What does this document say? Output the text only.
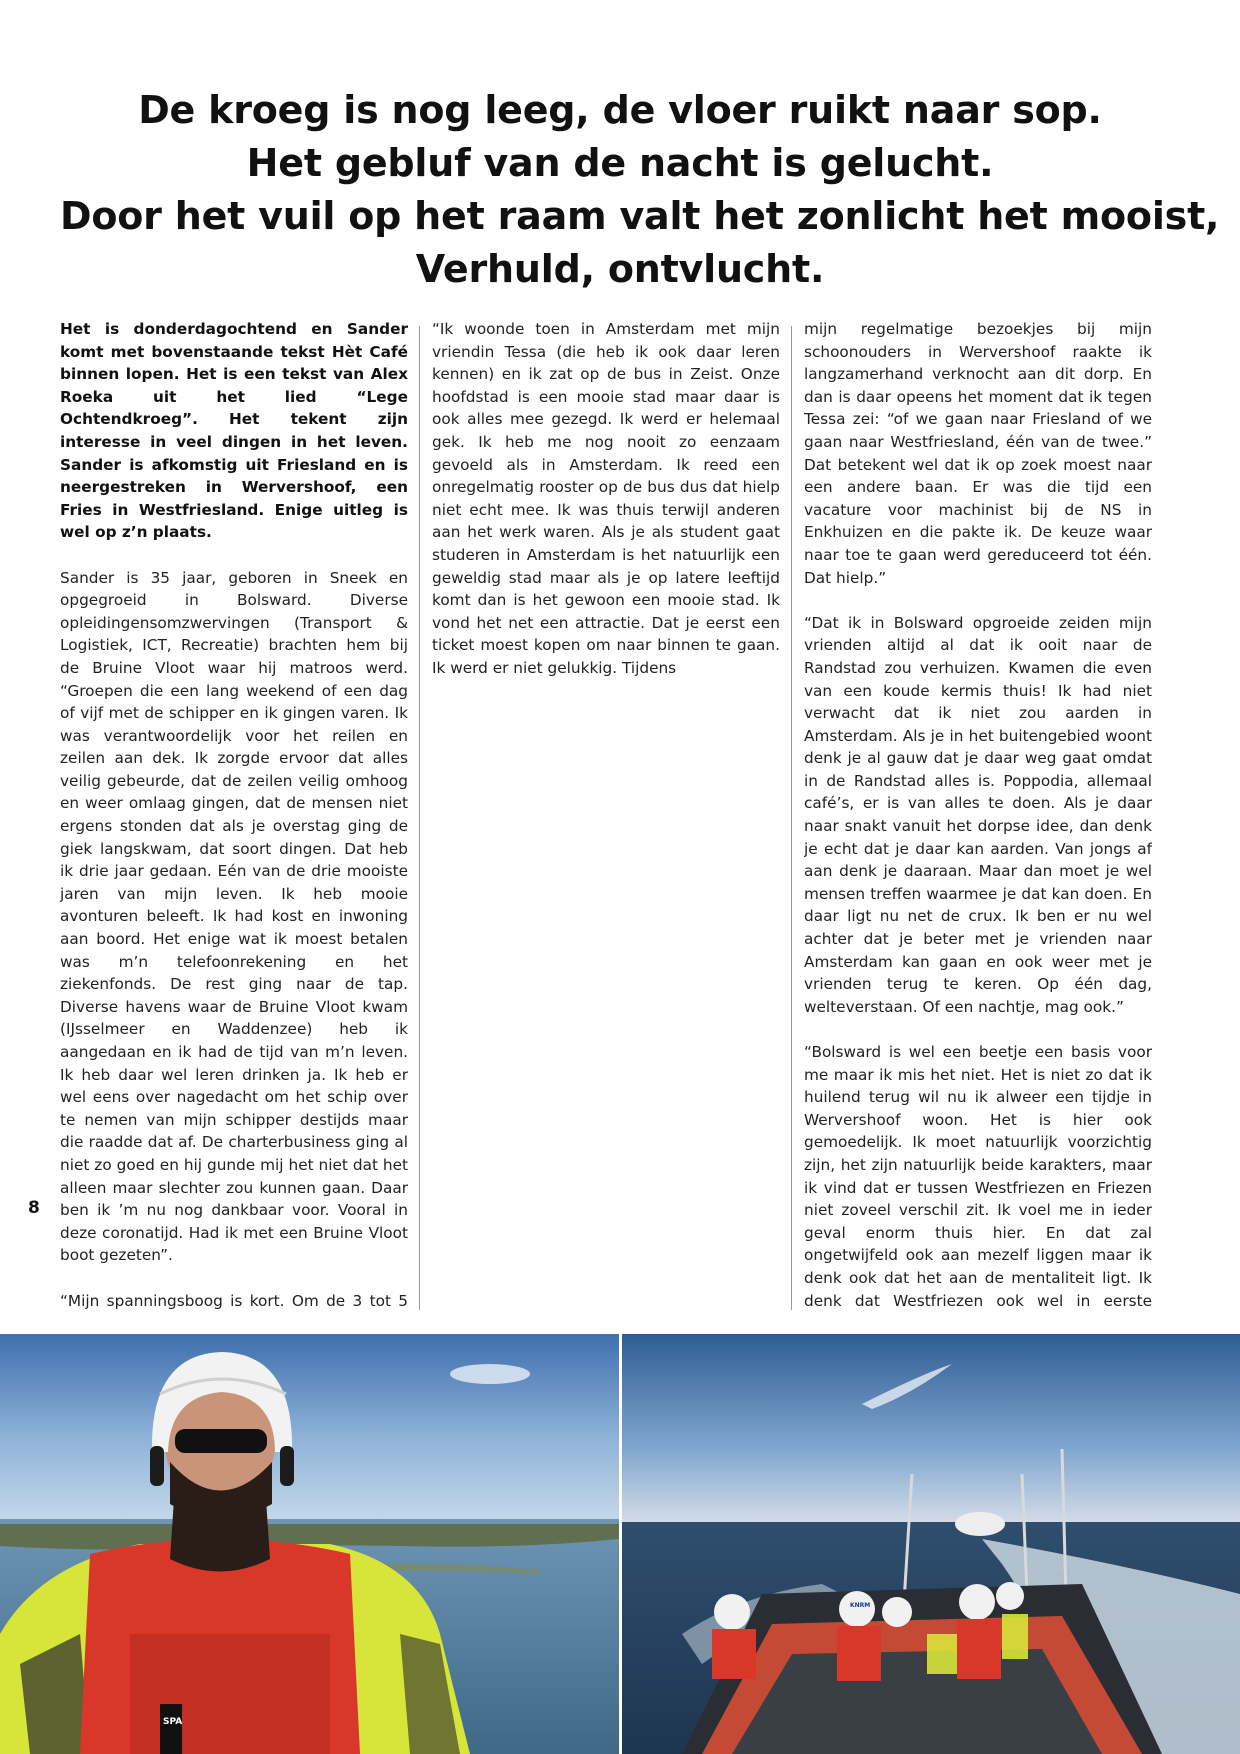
De kroeg is nog leeg, de vloer ruikt naar sop.
Het gebluf van de nacht is gelucht.
Door het vuil op het raam valt het zonlicht het mooist,
Verhuld, ontvlucht.

Het is donderdagochtend en Sander komt met bovenstaande tekst Hèt Café binnen lopen. Het is een tekst van Alex Roeka uit het lied “Lege Ochtendkroeg”. Het tekent zijn interesse in veel dingen in het leven. Sander is afkomstig uit Friesland en is neergestreken in Wervershoof, een Fries in Westfriesland. Enige uitleg is wel op z’n plaats.

Sander is 35 jaar, geboren in Sneek en opgegroeid in Bolsward. Diverse opleidingensomzwervingen (Transport & Logistiek, ICT, Recreatie) brachten hem bij de Bruine Vloot waar hij matroos werd. “Groepen die een lang weekend of een dag of vijf met de schipper en ik gingen varen. Ik was verantwoordelijk voor het reilen en zeilen aan dek. Ik zorgde ervoor dat alles veilig gebeurde, dat de zeilen veilig omhoog en weer omlaag gingen, dat de mensen niet ergens stonden dat als je overstag ging de giek langskwam, dat soort dingen. Dat heb ik drie jaar gedaan. Eén van de drie mooiste jaren van mijn leven. Ik heb mooie avonturen beleeft. Ik had kost en inwoning aan boord. Het enige wat ik moest betalen was m’n telefoonrekening en het ziekenfonds. De rest ging naar de tap. Diverse havens waar de Bruine Vloot kwam (IJsselmeer en Waddenzee) heb ik aangedaan en ik had de tijd van m’n leven. Ik heb daar wel leren drinken ja. Ik heb er wel eens over nagedacht om het schip over te nemen van mijn schipper destijds maar die raadde dat af. De charterbusiness ging al niet zo goed en hij gunde mij het niet dat het alleen maar slechter zou kunnen gaan. Daar ben ik ’m nu nog dankbaar voor. Vooral in deze coronatijd. Had ik met een Bruine Vloot boot gezeten”.

“Mijn spanningsboog is kort. Om de 3 tot 5

“Ik woonde toen in Amsterdam met mijn vriendin Tessa (die heb ik ook daar leren kennen) en ik zat op de bus in Zeist. Onze hoofdstad is een mooie stad maar daar is ook alles mee gezegd. Ik werd er helemaal gek. Ik heb me nog nooit zo eenzaam gevoeld als in Amsterdam. Ik reed een onregelmatig rooster op de bus dus dat hielp niet echt mee. Ik was thuis terwijl anderen aan het werk waren. Als je als student gaat studeren in Amsterdam is het natuurlijk een geweldig stad maar als je op latere leeftijd komt dan is het gewoon een mooie stad. Ik vond het net een attractie. Dat je eerst een ticket moest kopen om naar binnen te gaan. Ik werd er niet gelukkig. Tijdens

mijn regelmatige bezoekjes bij mijn schoonouders in Wervershoof raakte ik langzamerhand verknocht aan dit dorp. En dan is daar opeens het moment dat ik tegen Tessa zei: “of we gaan naar Friesland of we gaan naar Westfriesland, één van de twee.” Dat betekent wel dat ik op zoek moest naar een andere baan. Er was die tijd een vacature voor machinist bij de NS in Enkhuizen en die pakte ik. De keuze waar naar toe te gaan werd gereduceerd tot één. Dat hielp.”

“Dat ik in Bolsward opgroeide zeiden mijn vrienden altijd al dat ik ooit naar de Randstad zou verhuizen. Kwamen die even van een koude kermis thuis! Ik had niet verwacht dat ik niet zou aarden in Amsterdam. Als je in het buitengebied woont denk je al gauw dat je daar weg gaat omdat in de Randstad alles is. Poppodia, allemaal café’s, er is van alles te doen. Als je daar naar snakt vanuit het dorpse idee, dan denk je echt dat je daar kan aarden. Van jongs af aan denk je daaraan. Maar dan moet je wel mensen treffen waarmee je dat kan doen. En daar ligt nu net de crux. Ik ben er nu wel achter dat je beter met je vrienden naar Amsterdam kan gaan en ook weer met je vrienden terug te keren. Op één dag, welteverstaan. Of een nachtje, mag ook.”

“Bolsward is wel een beetje een basis voor me maar ik mis het niet. Het is niet zo dat ik huilend terug wil nu ik alweer een tijdje in Wervershoof woon. Het is hier ook gemoedelijk. Ik moet natuurlijk voorzichtig zijn, het zijn natuurlijk beide karakters, maar ik vind dat er tussen Westfriezen en Friezen niet zoveel verschil zit. Ik voel me in ieder geval enorm thuis hier. En dat zal ongetwijfeld ook aan mezelf liggen maar ik denk ook dat het aan de mentaliteit ligt. Ik denk dat Westfriezen ook wel in eerste

8
SPA
KNRM
